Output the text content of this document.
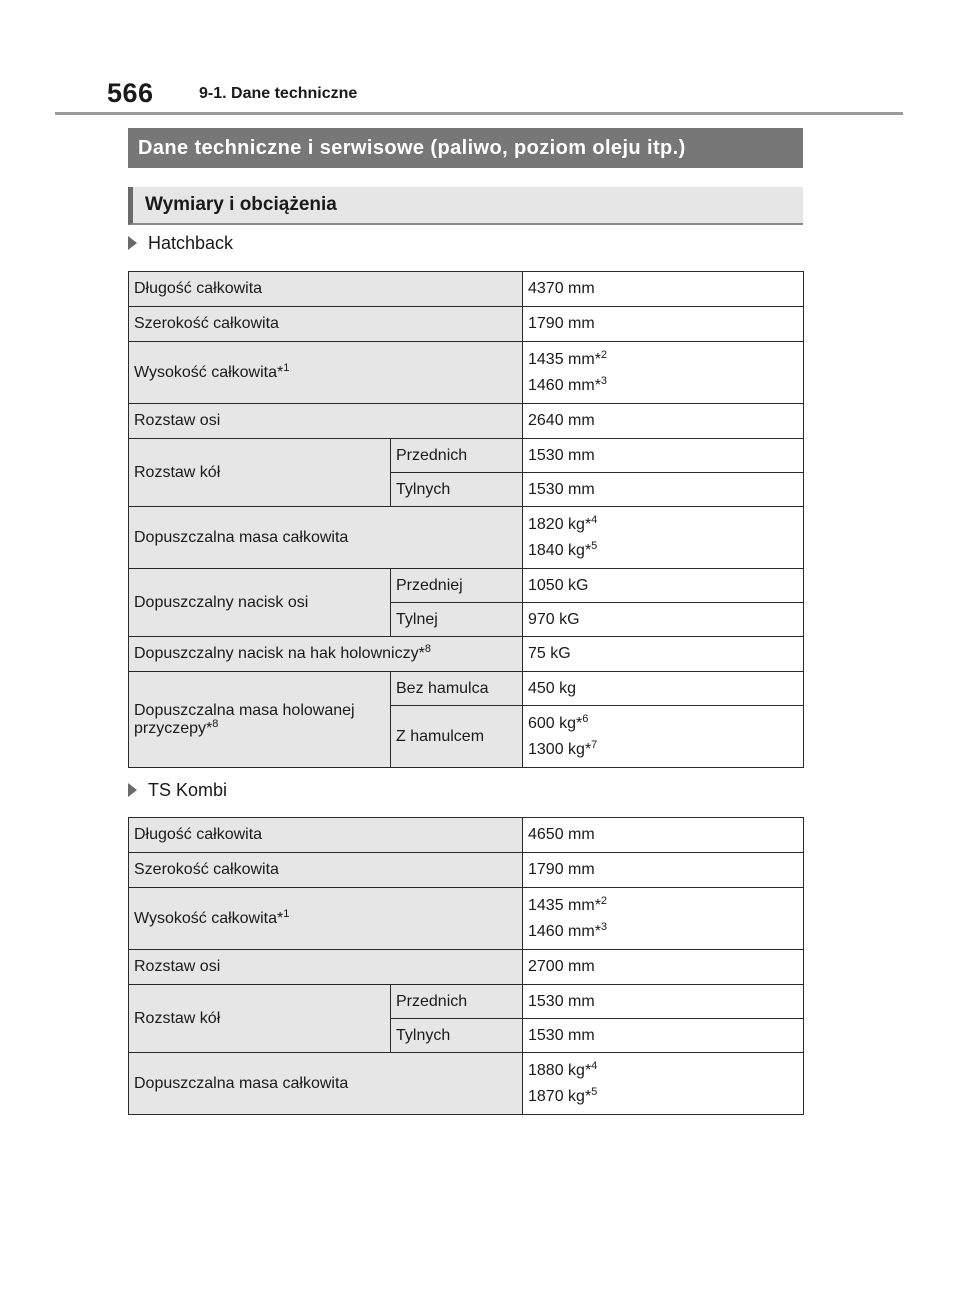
566	9-1. Dane techniczne
Dane techniczne i serwisowe (paliwo, poziom oleju itp.)
Wymiary i obciążenia
Hatchback
Długość całkowita		4370 mm
Szerokość całkowita		1790 mm
Wysokość całkowita*$^1$		1435 mm*$^2$
1460 mm*$^3$

Rozstaw osi		2640 mm
Rozstaw kół	Przednich	1530 mm
	Tylnych	1530 mm
Dopuszczalna masa całkowita		1820 kg*$^4$
1840 kg*$^5$

Dopuszczalny nacisk osi	Przedniej	1050 kG
	Tylnej	970 kG
Dopuszczalny nacisk na hak holowniczy*$^8$		75 kG
Dopuszczalna masa holowanej przyczepy*$^8$	Bez hamulca	450 kg
	Z hamulcem	600 kg*$^6$
1300 kg*$^7$
TS Kombi
Długość całkowita		4650 mm
Szerokość całkowita		1790 mm
Wysokość całkowita*$^1$		1435 mm*$^2$
1460 mm*$^3$

Rozstaw osi		2700 mm
Rozstaw kół	Przednich	1530 mm
	Tylnych	1530 mm
Dopuszczalna masa całkowita		1880 kg*$^4$
1870 kg*$^5$
